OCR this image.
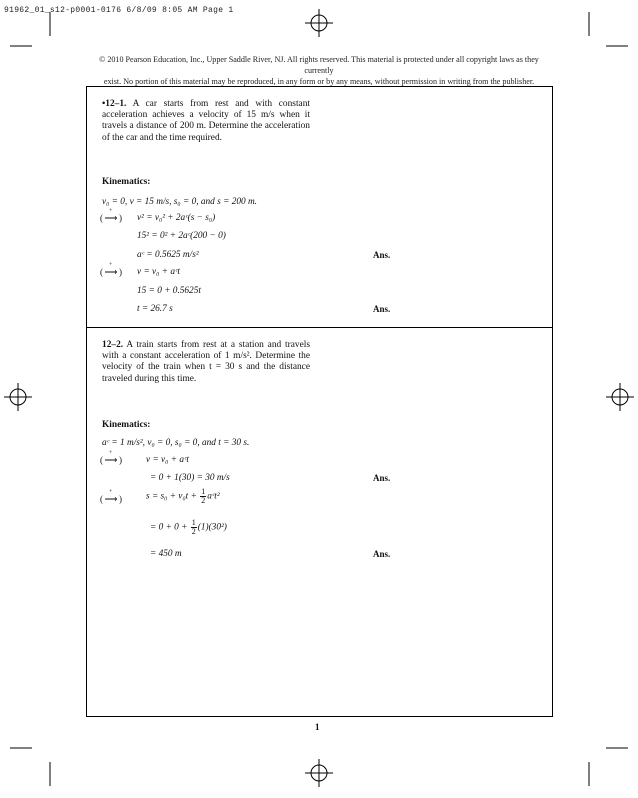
91962_01_s12-p0001-0176 6/8/09 8:05 AM Page 1
© 2010 Pearson Education, Inc., Upper Saddle River, NJ. All rights reserved. This material is protected under all copyright laws as they currently
exist. No portion of this material may be reproduced, in any form or by any means, without permission in writing from the publisher.
•12–1. A car starts from rest and with constant acceleration achieves a velocity of 15 m/s when it travels a distance of 200 m. Determine the acceleration of the car and the time required.
Kinematics:
v₀ = 0, v = 15 m/s, s₀ = 0, and s = 200 m.
(
+
⟶ ) v² = v₀² + 2aᶜ(s − s₀)
15² = 0² + 2aᶜ(200 − 0)
aᶜ = 0.5625 m/s²	Ans.
(
+
⟶ ) v = v₀ + aᶜt
15 = 0 + 0.5625t
t = 26.7 s	Ans.
12–2. A train starts from rest at a station and travels with a constant acceleration of 1 m/s². Determine the velocity of the train when t = 30 s and the distance traveled during this time.
Kinematics:
aᶜ = 1 m/s², v₀ = 0, s₀ = 0, and t = 30 s.
(
+
⟶ )	v = v₀ + aᶜt
= 0 + 1(30) = 30 m/s	Ans.
(
+
⟶ )	$s = s_0 + v_0t + \frac{1}{2}$ aᶜt²
= $0 + 0 + \frac{1}{2} (1)(30^2)$
= 450 m	Ans.
1
